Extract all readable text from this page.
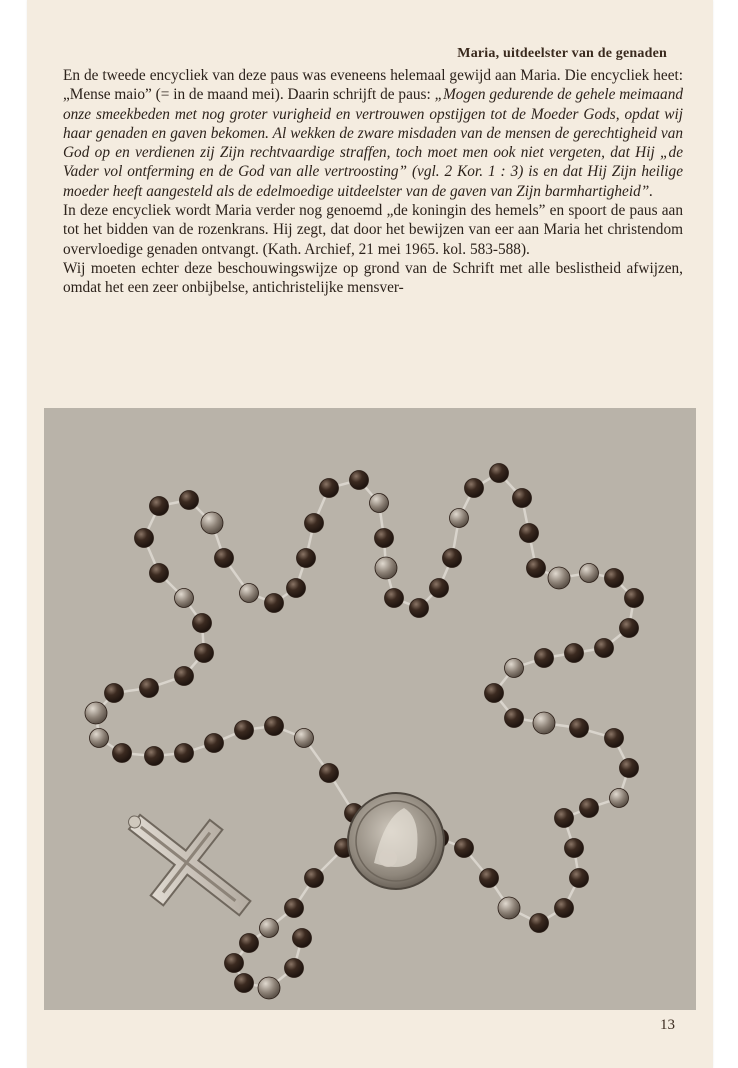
Maria, uitdeelster van de genaden

En de tweede encycliek van deze paus was eveneens helemaal gewijd aan Maria. Die encycliek heet: „Mense maio” (= in de maand mei). Daarin schrijft de paus: „Mogen gedurende de gehele meimaand onze smeekbeden met nog groter vurigheid en vertrouwen opstijgen tot de Moeder Gods, opdat wij haar genaden en gaven bekomen. Al wekken de zware misdaden van de mensen de gerechtigheid van God op en verdienen zij Zijn rechtvaardige straffen, toch moet men ook niet vergeten, dat Hij „de Vader vol ontferming en de God van alle vertroosting” (vgl. 2 Kor. 1 : 3) is en dat Hij Zijn heilige moeder heeft aangesteld als de edelmoedige uitdeelster van de gaven van Zijn barmhartigheid”.

In deze encycliek wordt Maria verder nog genoemd „de koningin des hemels” en spoort de paus aan tot het bidden van de rozenkrans. Hij zegt, dat door het bewijzen van eer aan Maria het christendom overvloedige genaden ontvangt. (Kath. Archief, 21 mei 1965. kol. 583-588).

Wij moeten echter deze beschouwingswijze op grond van de Schrift met alle beslistheid afwijzen, omdat het een zeer onbijbelse, antichristelijke mensver-

13
